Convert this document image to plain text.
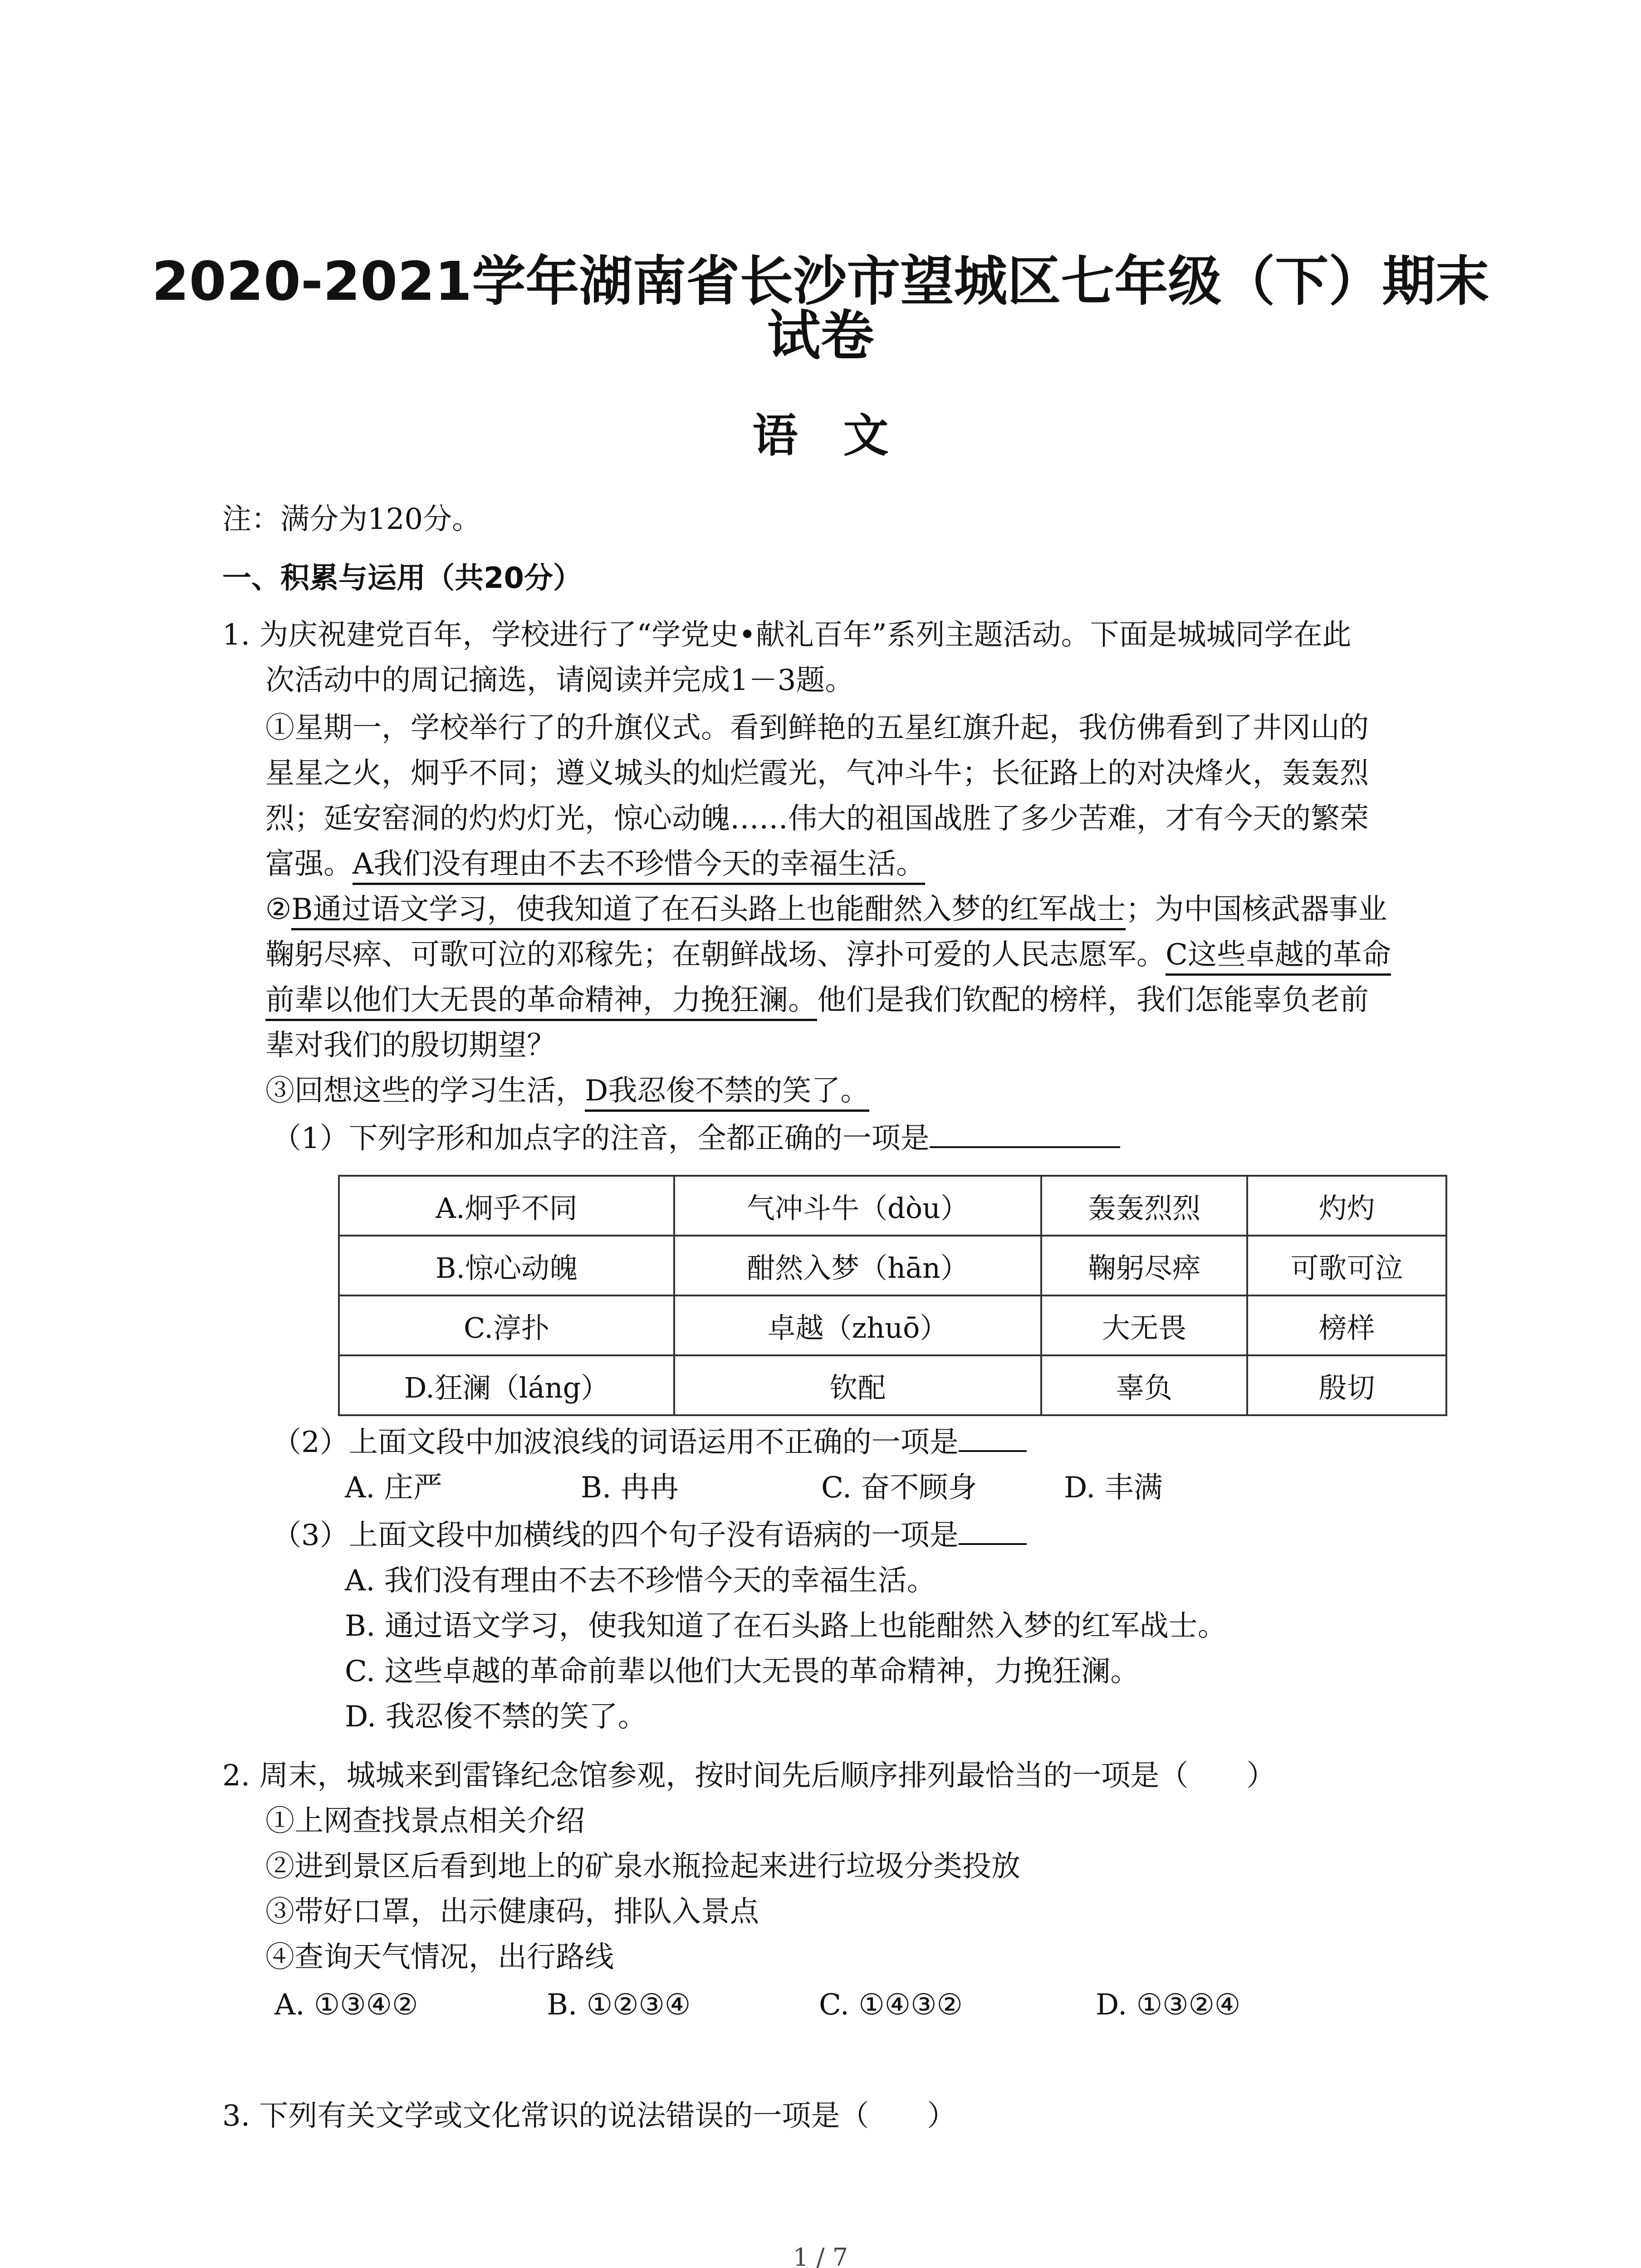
2020-2021学年湖南省长沙市望城区七年级（下）期末
试卷
语文
注：满分为120分。
一、积累与运用（共20分）
1. 为庆祝建党百年，学校进行了“学党史•献礼百年”系列主题活动。下面是城城同学在此
次活动中的周记摘选，请阅读并完成1－3题。
①星期一，学校举行了的升旗仪式。看到鲜艳的五星红旗升起，我仿佛看到了井冈山的
星星之火，炯乎不同；遵义城头的灿烂霞光，气冲斗牛；长征路上的对决烽火，轰轰烈
烈；延安窑洞的灼灼灯光，惊心动魄……伟大的祖国战胜了多少苦难，才有今天的繁荣
富强。A我们没有理由不去不珍惜今天的幸福生活。
②B通过语文学习，使我知道了在石头路上也能酣然入梦的红军战士；为中国核武器事业
鞠躬尽瘁、可歌可泣的邓稼先；在朝鲜战场、淳扑可爱的人民志愿军。C这些卓越的革命
前辈以他们大无畏的革命精神，力挽狂澜。他们是我们钦配的榜样，我们怎能辜负老前
辈对我们的殷切期望？
③回想这些的学习生活，D我忍俊不禁的笑了。
（1）下列字形和加点字的注音，全都正确的一项是
A.炯乎不同	气冲斗牛（dòu）	轰轰烈烈	灼灼
B.惊心动魄	酣然入梦（hān）	鞠躬尽瘁	可歌可泣
C.淳扑	卓越（zhuō）	大无畏	榜样
D.狂澜（láng）	钦配	辜负	殷切
（2）上面文段中加波浪线的词语运用不正确的一项是
A. 庄严	B. 冉冉	C. 奋不顾身	D. 丰满
（3）上面文段中加横线的四个句子没有语病的一项是
A. 我们没有理由不去不珍惜今天的幸福生活。
B. 通过语文学习，使我知道了在石头路上也能酣然入梦的红军战士。
C. 这些卓越的革命前辈以他们大无畏的革命精神，力挽狂澜。
D. 我忍俊不禁的笑了。
2. 周末，城城来到雷锋纪念馆参观，按时间先后顺序排列最恰当的一项是（　　）
①上网查找景点相关介绍
②进到景区后看到地上的矿泉水瓶捡起来进行垃圾分类投放
③带好口罩，出示健康码，排队入景点
④查询天气情况，出行路线
A. ①③④②	B. ①②③④	C. ①④③②	D. ①③②④
3. 下列有关文学或文化常识的说法错误的一项是（　　）
1 / 7
